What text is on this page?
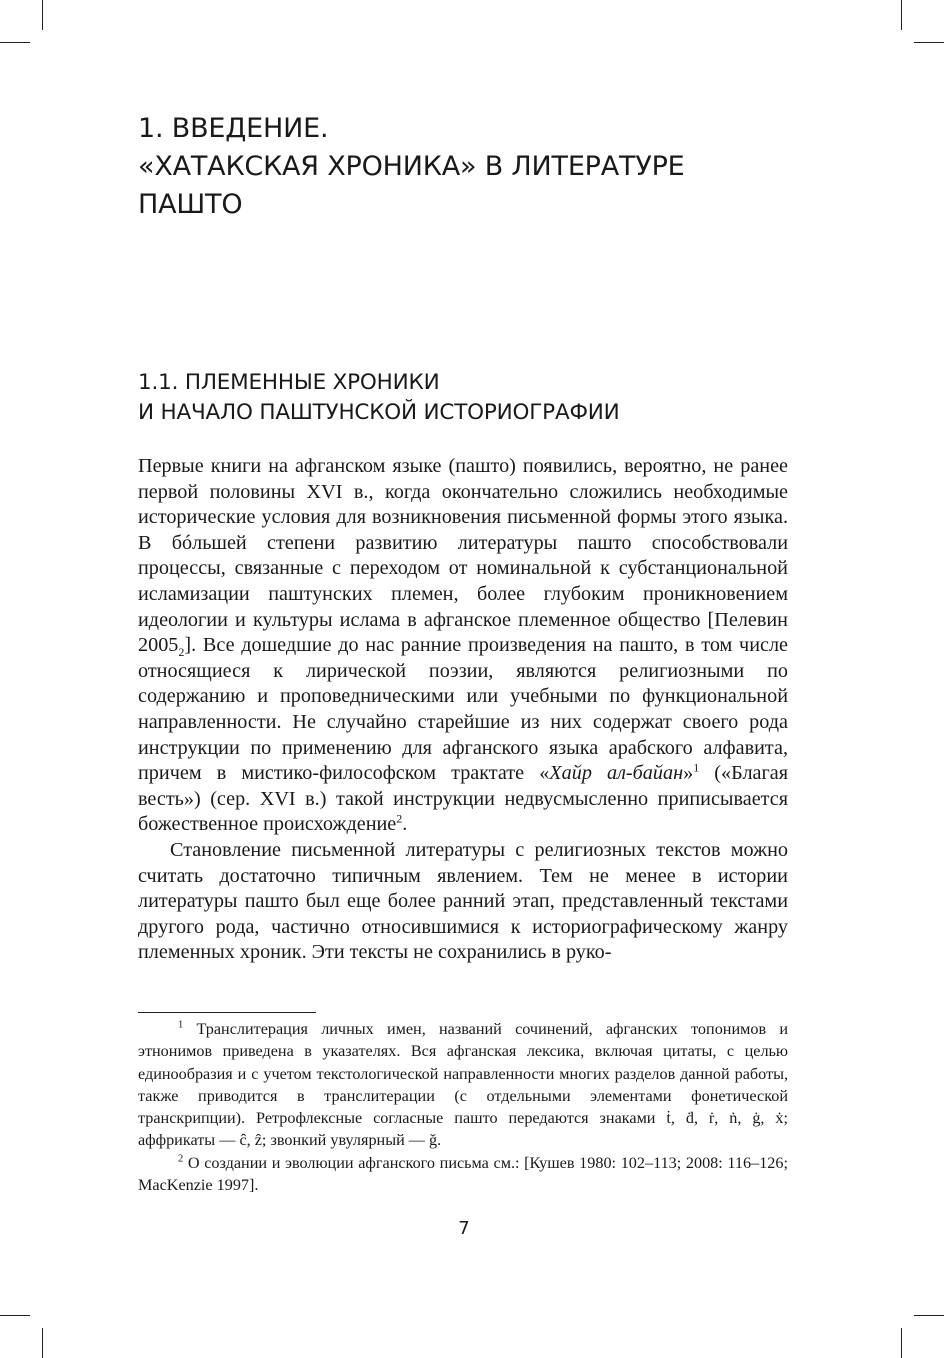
1. ВВЕДЕНИЕ.
«ХАТАКСКАЯ ХРОНИКА» В ЛИТЕРАТУРЕ ПАШТО
1.1. ПЛЕМЕННЫЕ ХРОНИКИ
И НАЧАЛО ПАШТУНСКОЙ ИСТОРИОГРАФИИ

Первые книги на афганском языке (пашто) появились, вероятно, не ранее первой половины XVI в., когда окончательно сложились необходимые исторические условия для возникновения письменной формы этого языка. В бóльшей степени развитию литературы пашто способствовали процессы, связанные с переходом от номинальной к субстанциональной исламизации паштунских племен, более глубоким проникновением идеологии и культуры ислама в афганское племенное общество [Пелевин $2005_2$]. Все дошедшие до нас ранние произведения на пашто, в том числе относящиеся к лирической поэзии, являются религиозными по содержанию и проповедническими или учебными по функциональной направленности. Не случайно старейшие из них содержат своего рода инструкции по применению для афганского языка арабского алфавита, причем в мистико-философском трактате «Хайр ал-байан»$^1$ («Благая весть») (сер. XVI в.) такой инструкции недвусмысленно приписывается божественное происхождение$^2$.

Становление письменной литературы с религиозных текстов можно считать достаточно типичным явлением. Тем не менее в истории литературы пашто был еще более ранний этап, представленный текстами другого рода, частично относившимися к историографическому жанру племенных хроник. Эти тексты не сохранились в руко-

$^1$ Транслитерация личных имен, названий сочинений, афганских топонимов и этнонимов приведена в указателях. Вся афганская лексика, включая цитаты, с целью единообразия и с учетом текстологической направленности многих разделов данной работы, также приводится в транслитерации (с отдельными элементами фонетической транскрипции). Ретрофлексные согласные пашто передаются знаками ṫ, ḋ, ṙ, ṅ, ġ, ẋ; аффрикаты — ĉ, ẑ; звонкий увулярный — ǧ.

$^2$ О создании и эволюции афганского письма см.: [Кушев 1980: 102–113; 2008: 116–126; MacKenzie 1997].

7
